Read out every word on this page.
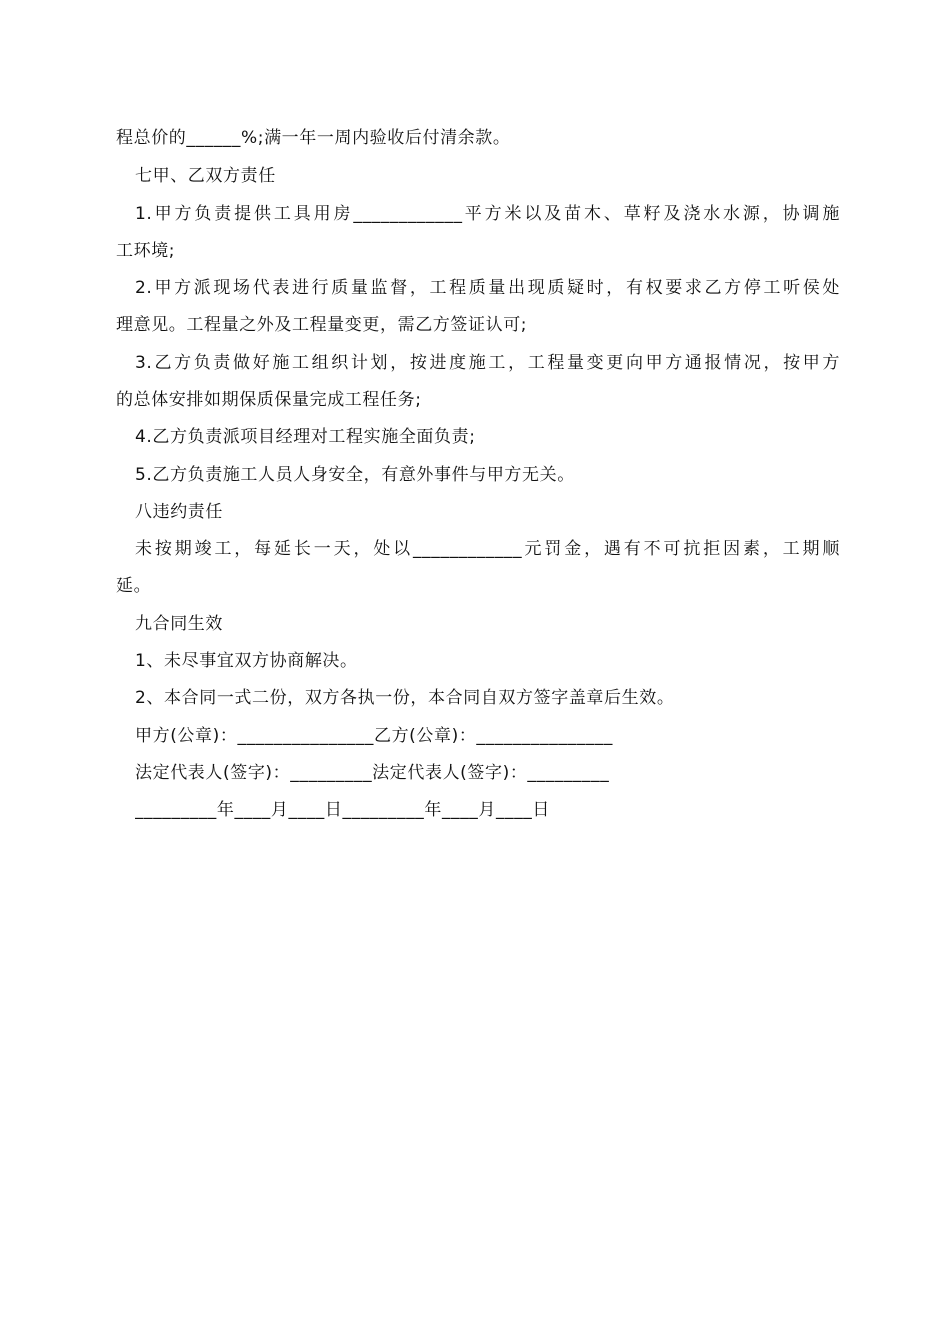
程总价的______%;满一年一周内验收后付清余款。
七甲、乙双方责任
1.甲方负责提供工具用房____________平方米以及苗木、草籽及浇水水源，协调施
工环境;
2.甲方派现场代表进行质量监督，工程质量出现质疑时，有权要求乙方停工听侯处
理意见。工程量之外及工程量变更，需乙方签证认可;
3.乙方负责做好施工组织计划，按进度施工，工程量变更向甲方通报情况，按甲方
的总体安排如期保质保量完成工程任务;
4.乙方负责派项目经理对工程实施全面负责;
5.乙方负责施工人员人身安全，有意外事件与甲方无关。
八违约责任
未按期竣工，每延长一天，处以____________元罚金，遇有不可抗拒因素，工期顺
延。
九合同生效
1、未尽事宜双方协商解决。
2、本合同一式二份，双方各执一份，本合同自双方签字盖章后生效。
甲方(公章)：_______________乙方(公章)：_______________
法定代表人(签字)：_________法定代表人(签字)：_________
_________年____月____日_________年____月____日
